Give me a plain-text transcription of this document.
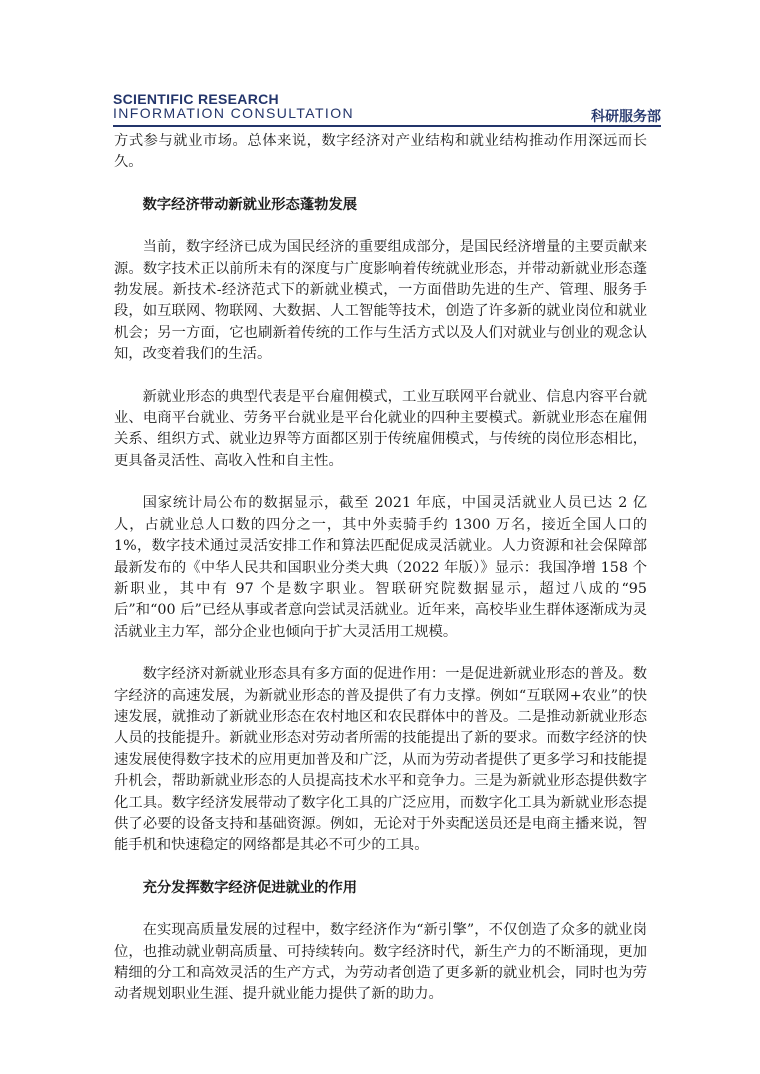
SCIENTIFIC RESEARCH
INFORMATION CONSULTATION	科研服务部

方式参与就业市场。总体来说，数字经济对产业结构和就业结构推动作用深远而长久。

数字经济带动新就业形态蓬勃发展

当前，数字经济已成为国民经济的重要组成部分，是国民经济增量的主要贡献来源。数字技术正以前所未有的深度与广度影响着传统就业形态，并带动新就业形态蓬勃发展。新技术-经济范式下的新就业模式，一方面借助先进的生产、管理、服务手段，如互联网、物联网、大数据、人工智能等技术，创造了许多新的就业岗位和就业机会；另一方面，它也刷新着传统的工作与生活方式以及人们对就业与创业的观念认知，改变着我们的生活。

新就业形态的典型代表是平台雇佣模式，工业互联网平台就业、信息内容平台就业、电商平台就业、劳务平台就业是平台化就业的四种主要模式。新就业形态在雇佣关系、组织方式、就业边界等方面都区别于传统雇佣模式，与传统的岗位形态相比，更具备灵活性、高收入性和自主性。

国家统计局公布的数据显示，截至 2021 年底，中国灵活就业人员已达 2 亿人，占就业总人口数的四分之一，其中外卖骑手约 1300 万名，接近全国人口的 1%，数字技术通过灵活安排工作和算法匹配促成灵活就业。人力资源和社会保障部最新发布的《中华人民共和国职业分类大典（2022 年版）》显示：我国净增 158 个新职业，其中有 97 个是数字职业。智联研究院数据显示，超过八成的“95 后”和“00 后”已经从事或者意向尝试灵活就业。近年来，高校毕业生群体逐渐成为灵活就业主力军，部分企业也倾向于扩大灵活用工规模。

数字经济对新就业形态具有多方面的促进作用：一是促进新就业形态的普及。数字经济的高速发展，为新就业形态的普及提供了有力支撑。例如“互联网+农业”的快速发展，就推动了新就业形态在农村地区和农民群体中的普及。二是推动新就业形态人员的技能提升。新就业形态对劳动者所需的技能提出了新的要求。而数字经济的快速发展使得数字技术的应用更加普及和广泛，从而为劳动者提供了更多学习和技能提升机会，帮助新就业形态的人员提高技术水平和竞争力。三是为新就业形态提供数字化工具。数字经济发展带动了数字化工具的广泛应用，而数字化工具为新就业形态提供了必要的设备支持和基础资源。例如，无论对于外卖配送员还是电商主播来说，智能手机和快速稳定的网络都是其必不可少的工具。

充分发挥数字经济促进就业的作用

在实现高质量发展的过程中，数字经济作为“新引擎”，不仅创造了众多的就业岗位，也推动就业朝高质量、可持续转向。数字经济时代，新生产力的不断涌现，更加精细的分工和高效灵活的生产方式，为劳动者创造了更多新的就业机会，同时也为劳动者规划职业生涯、提升就业能力提供了新的助力。
